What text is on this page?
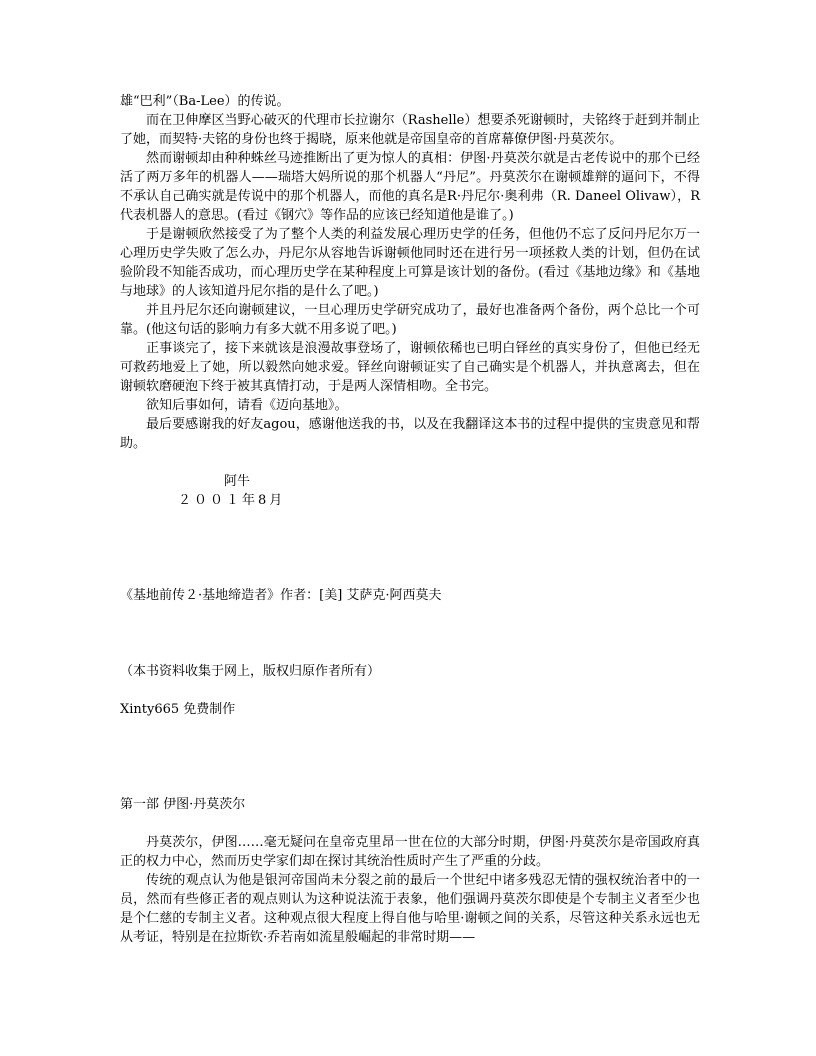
雄“巴利”（Ba-Lee）的传说。

而在卫伸摩区当野心破灭的代理市长拉谢尔（Rashelle）想要杀死谢顿时，夫铭终于赶到并制止了她，而契特·夫铭的身份也终于揭晓，原来他就是帝国皇帝的首席幕僚伊图·丹莫茨尔。

然而谢顿却由种种蛛丝马迹推断出了更为惊人的真相：伊图·丹莫茨尔就是古老传说中的那个已经活了两万多年的机器人——瑞塔大妈所说的那个机器人“丹尼”。丹莫茨尔在谢顿雄辩的逼问下，不得不承认自己确实就是传说中的那个机器人，而他的真名是R·丹尼尔·奥利弗（R. Daneel Olivaw），R代表机器人的意思。(看过《钢穴》等作品的应该已经知道他是谁了。)

于是谢顿欣然接受了为了整个人类的利益发展心理历史学的任务，但他仍不忘了反问丹尼尔万一心理历史学失败了怎么办，丹尼尔从容地告诉谢顿他同时还在进行另一项拯救人类的计划，但仍在试验阶段不知能否成功，而心理历史学在某种程度上可算是该计划的备份。(看过《基地边缘》和《基地与地球》的人该知道丹尼尔指的是什么了吧。)

并且丹尼尔还向谢顿建议，一旦心理历史学研究成功了，最好也准备两个备份，两个总比一个可靠。(他这句话的影响力有多大就不用多说了吧。)

正事谈完了，接下来就该是浪漫故事登场了，谢顿依稀也已明白铎丝的真实身份了，但他已经无可救药地爱上了她，所以毅然向她求爱。铎丝向谢顿证实了自己确实是个机器人，并执意离去，但在谢顿软磨硬泡下终于被其真情打动，于是两人深情相吻。全书完。

欲知后事如何，请看《迈向基地》。

最后要感谢我的好友agou，感谢他送我的书，以及在我翻译这本书的过程中提供的宝贵意见和帮助。

阿牛

２００１年8月

《基地前传２·基地缔造者》作者：[美] 艾萨克·阿西莫夫

（本书资料收集于网上，版权归原作者所有）

Xinty665 免费制作

第一部 伊图·丹莫茨尔

丹莫茨尔，伊图……毫无疑问在皇帝克里昂一世在位的大部分时期，伊图·丹莫茨尔是帝国政府真正的权力中心，然而历史学家们却在探讨其统治性质时产生了严重的分歧。

传统的观点认为他是银河帝国尚未分裂之前的最后一个世纪中诸多残忍无情的强权统治者中的一员，然而有些修正者的观点则认为这种说法流于表象，他们强调丹莫茨尔即使是个专制主义者至少也是个仁慈的专制主义者。这种观点很大程度上得自他与哈里·谢顿之间的关系，尽管这种关系永远也无从考证，特别是在拉斯钦·乔若南如流星般崛起的非常时期——
